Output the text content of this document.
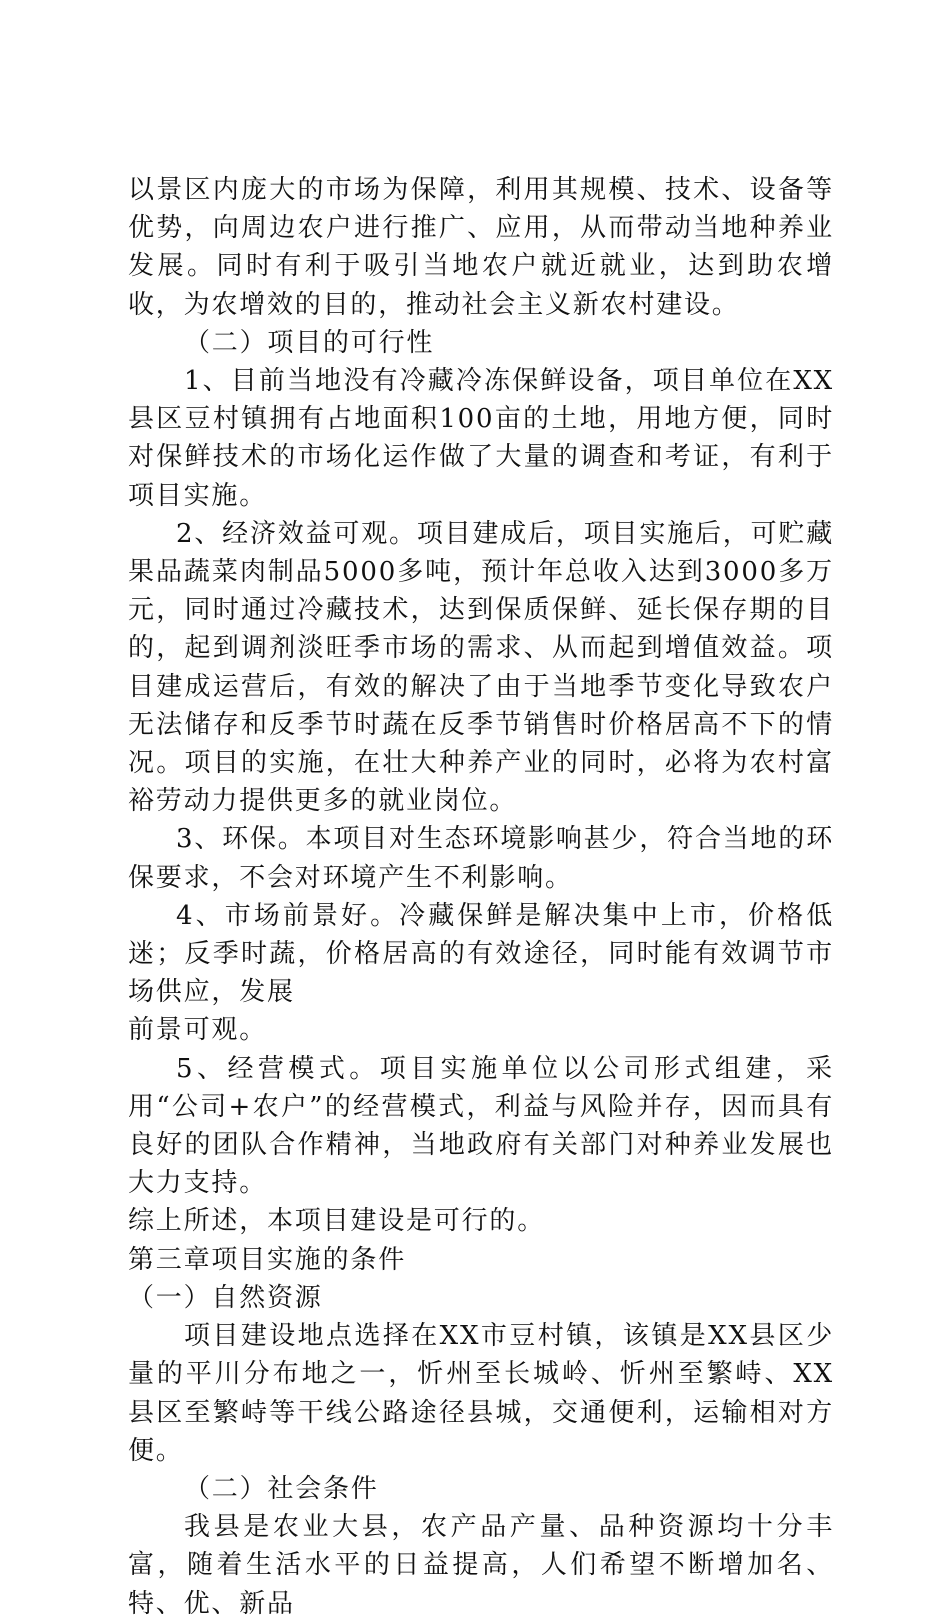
以景区内庞大的市场为保障，利用其规模、技术、设备等优势，向周边农户进行推广、应用，从而带动当地种养业发展。同时有利于吸引当地农户就近就业，达到助农增收，为农增效的目的，推动社会主义新农村建设。

（二）项目的可行性

1、目前当地没有冷藏冷冻保鲜设备，项目单位在XX县区豆村镇拥有占地面积100亩的土地，用地方便，同时对保鲜技术的市场化运作做了大量的调查和考证，有利于项目实施。

2、经济效益可观。项目建成后，项目实施后，可贮藏果品蔬菜肉制品5000多吨，预计年总收入达到3000多万元，同时通过冷藏技术，达到保质保鲜、延长保存期的目的，起到调剂淡旺季市场的需求、从而起到增值效益。项目建成运营后，有效的解决了由于当地季节变化导致农户无法储存和反季节时蔬在反季节销售时价格居高不下的情况。项目的实施，在壮大种养产业的同时，必将为农村富裕劳动力提供更多的就业岗位。

3、环保。本项目对生态环境影响甚少，符合当地的环保要求，不会对环境产生不利影响。

4、市场前景好。冷藏保鲜是解决集中上市，价格低迷；反季时蔬，价格居高的有效途径，同时能有效调节市场供应，发展

前景可观。

5、经营模式。项目实施单位以公司形式组建，采用“公司+农户”的经营模式，利益与风险并存，因而具有良好的团队合作精神，当地政府有关部门对种养业发展也大力支持。

综上所述，本项目建设是可行的。

第三章项目实施的条件

（一）自然资源

项目建设地点选择在XX市豆村镇，该镇是XX县区少量的平川分布地之一，忻州至长城岭、忻州至繁峙、XX县区至繁峙等干线公路途径县城，交通便利，运输相对方便。

（二）社会条件

我县是农业大县，农产品产量、品种资源均十分丰富，随着生活水平的日益提高，人们希望不断增加名、特、优、新品
